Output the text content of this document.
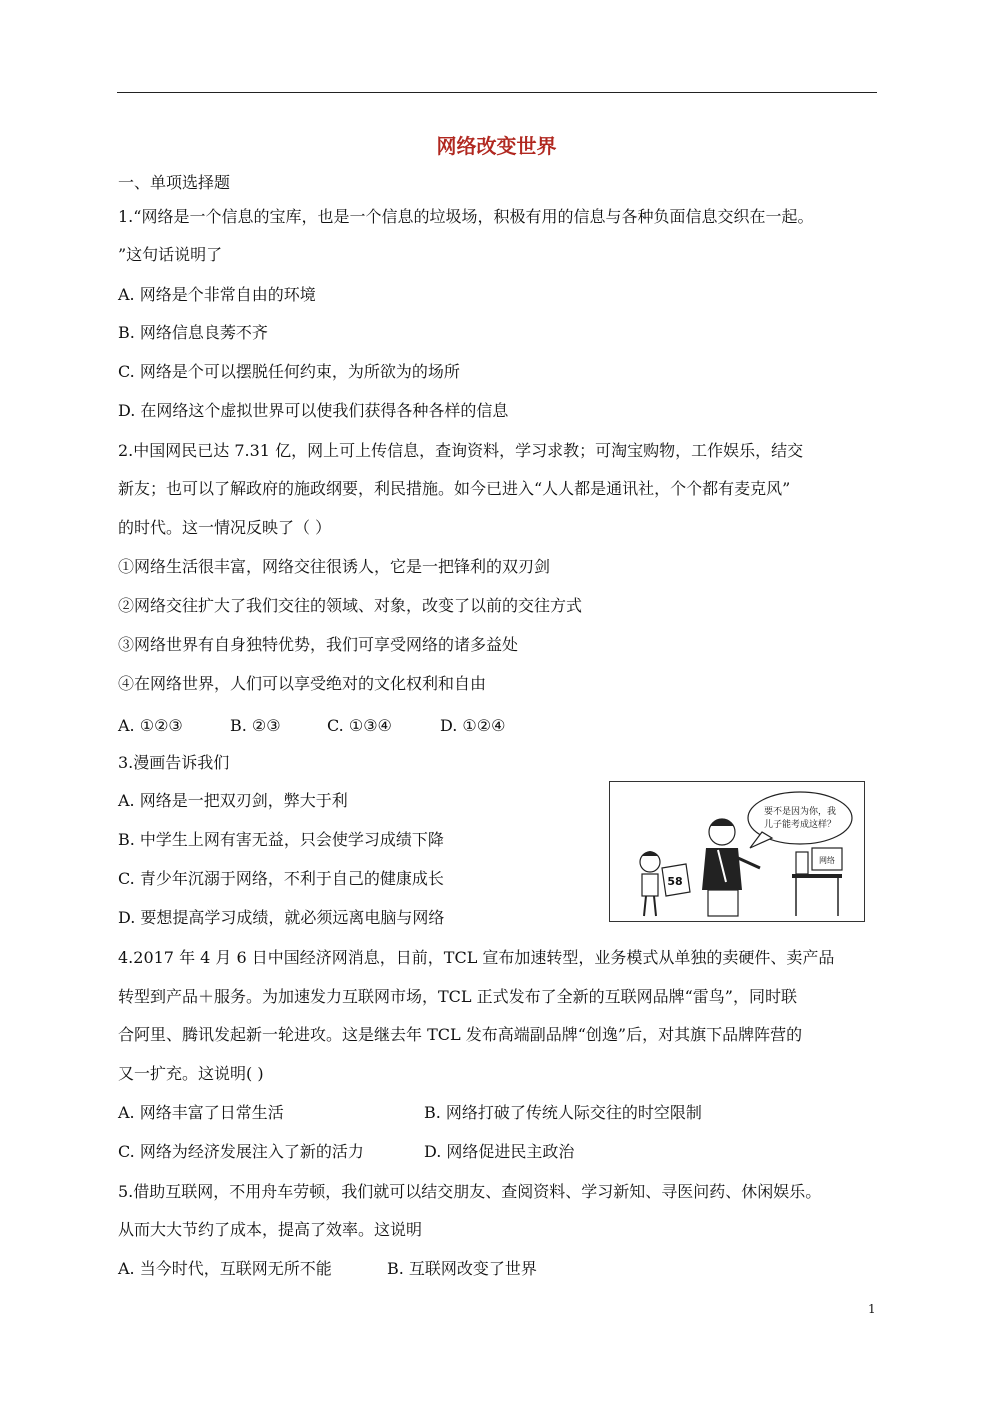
网络改变世界
一、单项选择题
1.“网络是一个信息的宝库，也是一个信息的垃圾场，积极有用的信息与各种负面信息交织在一起。
”这句话说明了
A. 网络是个非常自由的环境
B. 网络信息良莠不齐
C. 网络是个可以摆脱任何约束，为所欲为的场所
D. 在网络这个虚拟世界可以使我们获得各种各样的信息
2.中国网民已达 7.31 亿，网上可上传信息，查询资料，学习求教；可淘宝购物，工作娱乐，结交
新友；也可以了解政府的施政纲要，利民措施。如今已进入“人人都是通讯社，个个都有麦克风”
的时代。这一情况反映了（ ）
①网络生活很丰富，网络交往很诱人，它是一把锋利的双刃剑
②网络交往扩大了我们交往的领域、对象，改变了以前的交往方式
③网络世界有自身独特优势，我们可享受网络的诸多益处
④在网络世界，人们可以享受绝对的文化权利和自由
A. ①②③	B. ②③	C. ①③④	D. ①②④
3.漫画告诉我们
A. 网络是一把双刃剑，弊大于利
B. 中学生上网有害无益，只会使学习成绩下降
C. 青少年沉溺于网络，不利于自己的健康成长
D. 要想提高学习成绩，就必须远离电脑与网络
要不是因为你，我
儿子能考成这样？
58
网络
4.2017 年 4 月 6 日中国经济网消息，日前，TCL 宣布加速转型，业务模式从单独的卖硬件、卖产品
转型到产品＋服务。为加速发力互联网市场，TCL 正式发布了全新的互联网品牌“雷鸟”，同时联
合阿里、腾讯发起新一轮进攻。这是继去年 TCL 发布高端副品牌“创逸”后，对其旗下品牌阵营的
又一扩充。这说明( )
A. 网络丰富了日常生活	B. 网络打破了传统人际交往的时空限制
C. 网络为经济发展注入了新的活力	D. 网络促进民主政治
5.借助互联网，不用舟车劳顿，我们就可以结交朋友、查阅资料、学习新知、寻医问药、休闲娱乐。
从而大大节约了成本，提高了效率。这说明
A. 当今时代，互联网无所不能	B. 互联网改变了世界
1
